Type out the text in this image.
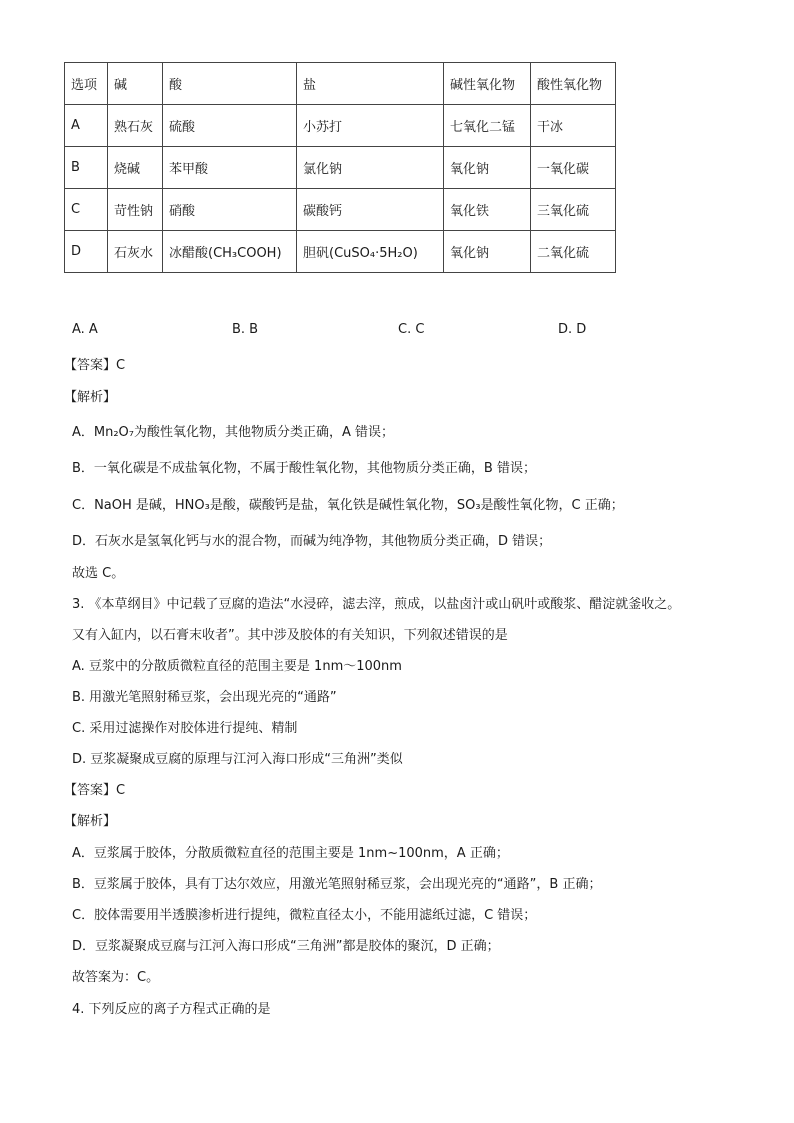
选项	碱	酸	盐	碱性氧化物	酸性氧化物
A	熟石灰	硫酸	小苏打	七氧化二锰	干冰
B	烧碱	苯甲酸	氯化钠	氧化钠	一氧化碳
C	苛性钠	硝酸	碳酸钙	氧化铁	三氧化硫
D	石灰水	冰醋酸(CH₃COOH)	胆矾(CuSO₄·5H₂O)	氧化钠	二氧化硫
A. A	B. B	C. C	D. D
【答案】C
【解析】
A．Mn₂O₇为酸性氧化物，其他物质分类正确，A 错误；
B．一氧化碳是不成盐氧化物，不属于酸性氧化物，其他物质分类正确，B 错误；
C．NaOH 是碱，HNO₃是酸，碳酸钙是盐，氧化铁是碱性氧化物，SO₃是酸性氧化物，C 正确；
D．石灰水是氢氧化钙与水的混合物，而碱为纯净物，其他物质分类正确，D 错误；
故选 C。
3. 《本草纲目》中记载了豆腐的造法“水浸碎，滤去滓，煎成，以盐卤汁或山矾叶或酸浆、醋淀就釜收之。
又有入缸内，以石膏末收者”。其中涉及胶体的有关知识，下列叙述错误的是
A. 豆浆中的分散质微粒直径的范围主要是 1nm～100nm
B. 用激光笔照射稀豆浆，会出现光亮的“通路”
C. 采用过滤操作对胶体进行提纯、精制
D. 豆浆凝聚成豆腐的原理与江河入海口形成“三角洲”类似
【答案】C
【解析】
A．豆浆属于胶体，分散质微粒直径的范围主要是 1nm~100nm，A 正确；
B．豆浆属于胶体，具有丁达尔效应，用激光笔照射稀豆浆，会出现光亮的“通路”，B 正确；
C．胶体需要用半透膜渗析进行提纯，微粒直径太小，不能用滤纸过滤，C 错误；
D．豆浆凝聚成豆腐与江河入海口形成“三角洲”都是胶体的聚沉，D 正确；
故答案为：C。
4. 下列反应的离子方程式正确的是
